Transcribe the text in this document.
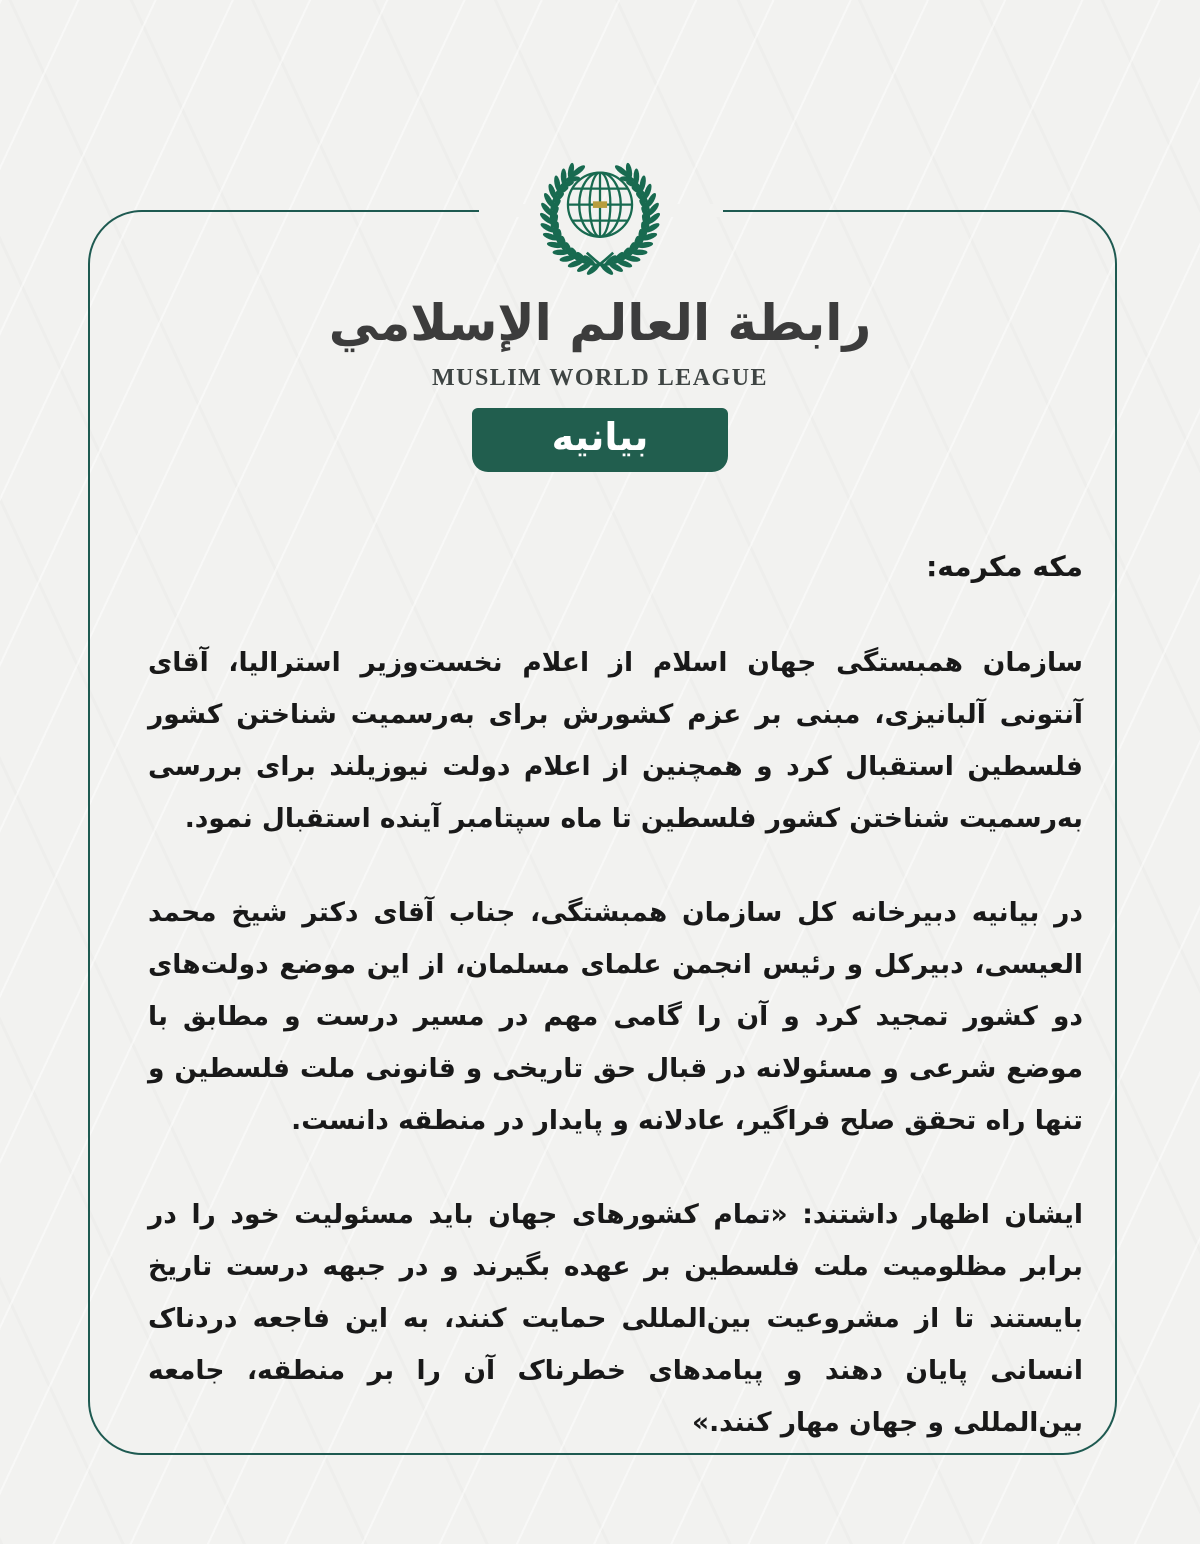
رابطة العالم الإسلامي
MUSLIM WORLD LEAGUE
بیانیه

مکه مکرمه:

سازمان همبستگی جهان اسلام از اعلام نخست‌وزیر استرالیا، آقای آنتونی آلبانیزی، مبنی بر عزم کشورش برای به‌رسمیت شناختن کشور فلسطین استقبال کرد و همچنین از اعلام دولت نیوزیلند برای بررسی به‌رسمیت شناختن کشور فلسطین تا ماه سپتامبر آینده استقبال نمود.

در بیانیه دبیرخانه کل سازمان همبشتگی، جناب آقای دکتر شیخ محمد العیسی، دبیرکل و رئیس انجمن علمای مسلمان، از این موضع دولت‌های دو کشور تمجید کرد و آن را گامی مهم در مسیر درست و مطابق با موضع شرعی و مسئولانه در قبال حق تاریخی و قانونی ملت فلسطین و تنها راه تحقق صلح فراگیر، عادلانه و پایدار در منطقه دانست.

ایشان اظهار داشتند: «تمام کشورهای جهان باید مسئولیت خود را در برابر مظلومیت ملت فلسطین بر عهده بگیرند و در جبهه درست تاریخ بایستند تا از مشروعیت بین‌المللی حمایت کنند، به این فاجعه دردناک انسانی پایان دهند و پیامدهای خطرناک آن را بر منطقه، جامعه بین‌المللی و جهان مهار کنند.»
